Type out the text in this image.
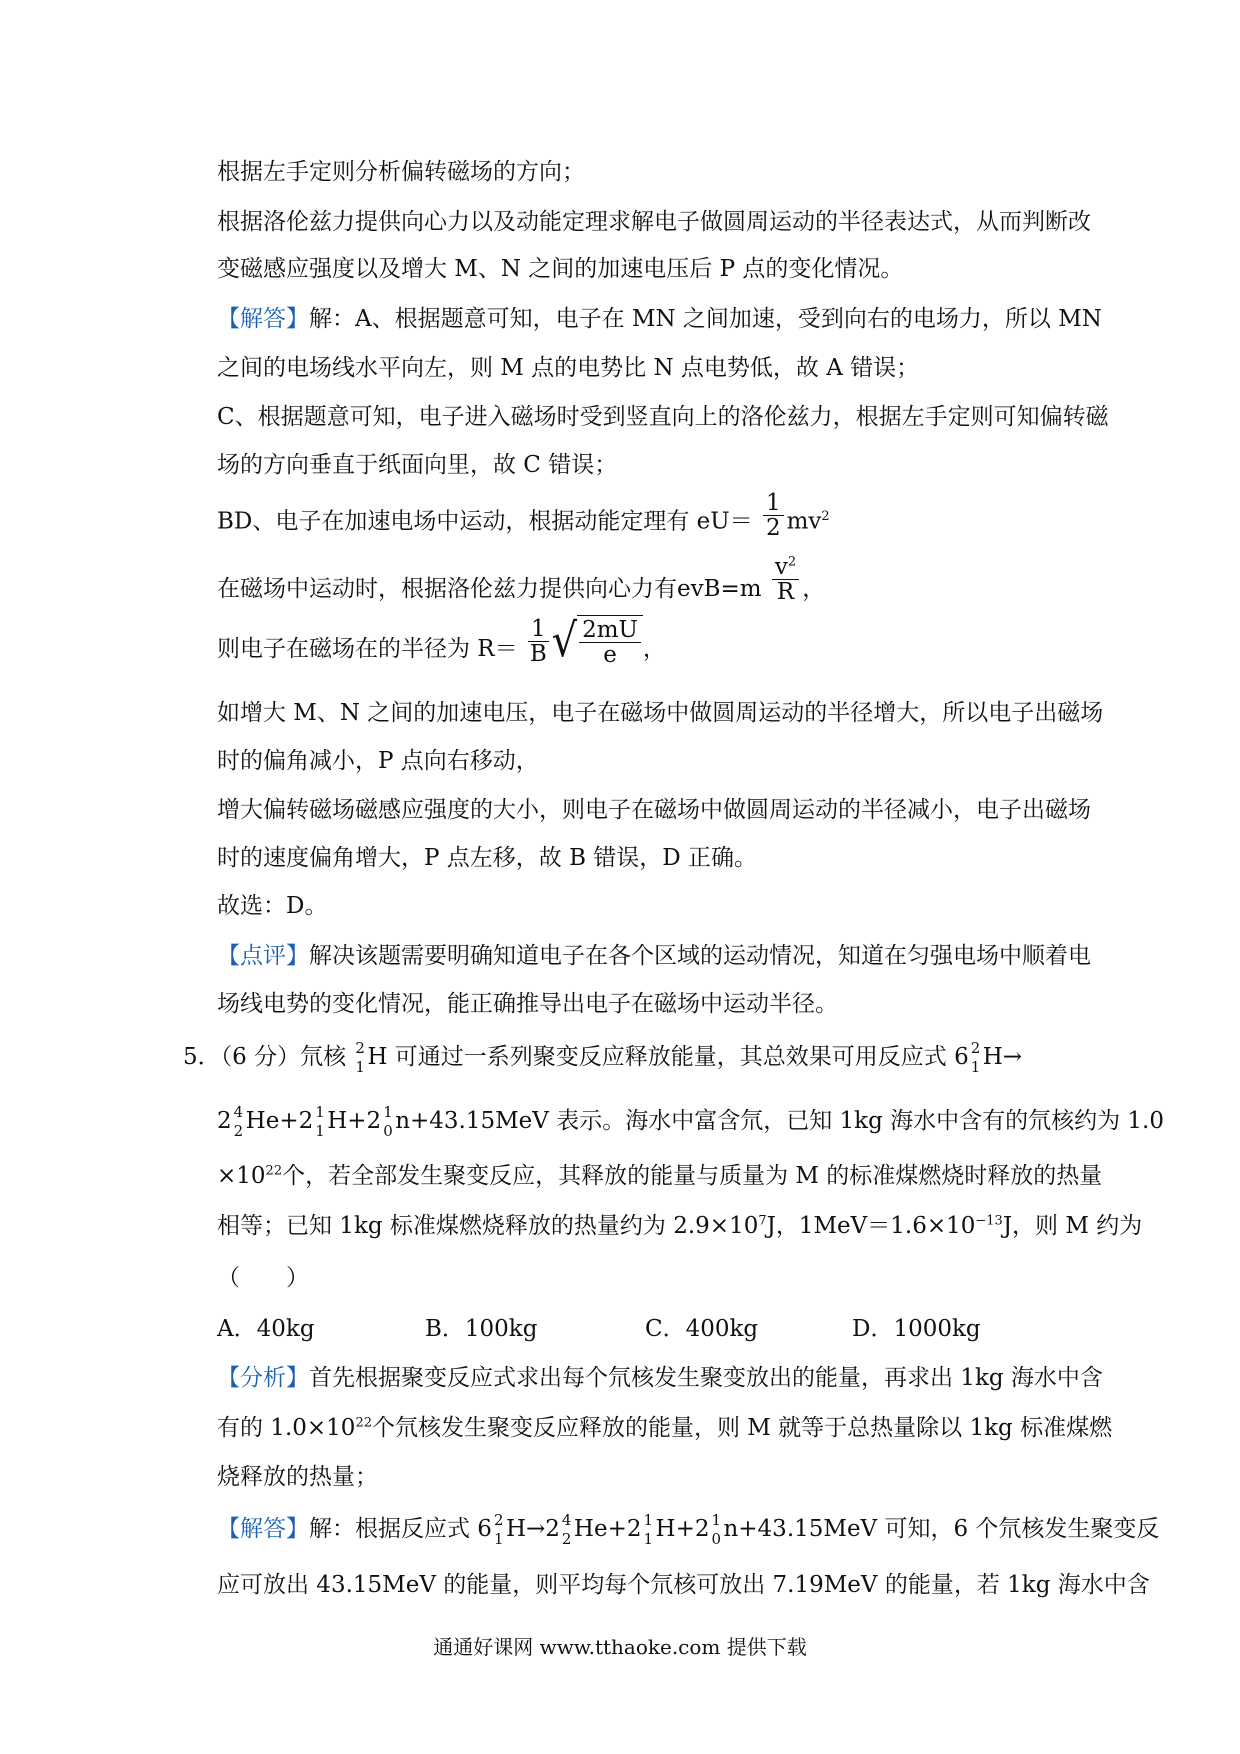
根据左手定则分析偏转磁场的方向；
根据洛伦兹力提供向心力以及动能定理求解电子做圆周运动的半径表达式，从而判断改
变磁感应强度以及增大 M、N 之间的加速电压后 P 点的变化情况。
【解答】解：A、根据题意可知，电子在 MN 之间加速，受到向右的电场力，所以 MN
之间的电场线水平向左，则 M 点的电势比 N 点电势低，故 A 错误；
C、根据题意可知，电子进入磁场时受到竖直向上的洛伦兹力，根据左手定则可知偏转磁
场的方向垂直于纸面向里，故 C 错误；
BD、电子在加速电场中运动，根据动能定理有 $eU= \frac{1}{2} mv^2$
在磁场中运动时，根据洛伦兹力提供向心力有$evB=m \frac{v^2}{R}$ ，
则电子在磁场在的半径为 $R= \frac{1}{B}$ √ $\frac{2mU}{e}$ ，
如增大 M、N 之间的加速电压，电子在磁场中做圆周运动的半径增大，所以电子出磁场
时的偏角减小，P 点向右移动，
增大偏转磁场磁感应强度的大小，则电子在磁场中做圆周运动的半径减小，电子出磁场
时的速度偏角增大，P 点左移，故 B 错误，D 正确。
故选：D。
【点评】解决该题需要明确知道电子在各个区域的运动情况，知道在匀强电场中顺着电
场线电势的变化情况，能正确推导出电子在磁场中运动半径。
5．（6 分）氘核 2
1 H 可通过一系列聚变反应释放能量，其总效果可用反应式 6 2
1 H→
2 4
2 He+2 1
1 H+2 1
0 n+43.15MeV 表示。海水中富含氘，已知 1kg 海水中含有的氘核约为 1.0
$\times 10^{22}$个，若全部发生聚变反应，其释放的能量与质量为 M 的标准煤燃烧时释放的热量
相等；已知 1kg 标准煤燃烧释放的热量约为 $2.9\times 10^7J$，$1MeV=1.6\times 10^{-13}J$，则 M 约为
（　　）
A．40kg	B．100kg	C．400kg	D．1000kg
【分析】首先根据聚变反应式求出每个氘核发生聚变放出的能量，再求出 1kg 海水中含
有的 $1.0\times 10^{22}$个氘核发生聚变反应释放的能量，则 M 就等于总热量除以 1kg 标准煤燃
烧释放的热量；
【解答】解：根据反应式 6 2
1 H→2 4
2 He+2 1
1 H+2 1
0 n+43.15MeV 可知，6 个氘核发生聚变反
应可放出 43.15MeV 的能量，则平均每个氘核可放出 7.19MeV 的能量，若 1kg 海水中含
通通好课网 www.tthaoke.com 提供下载
